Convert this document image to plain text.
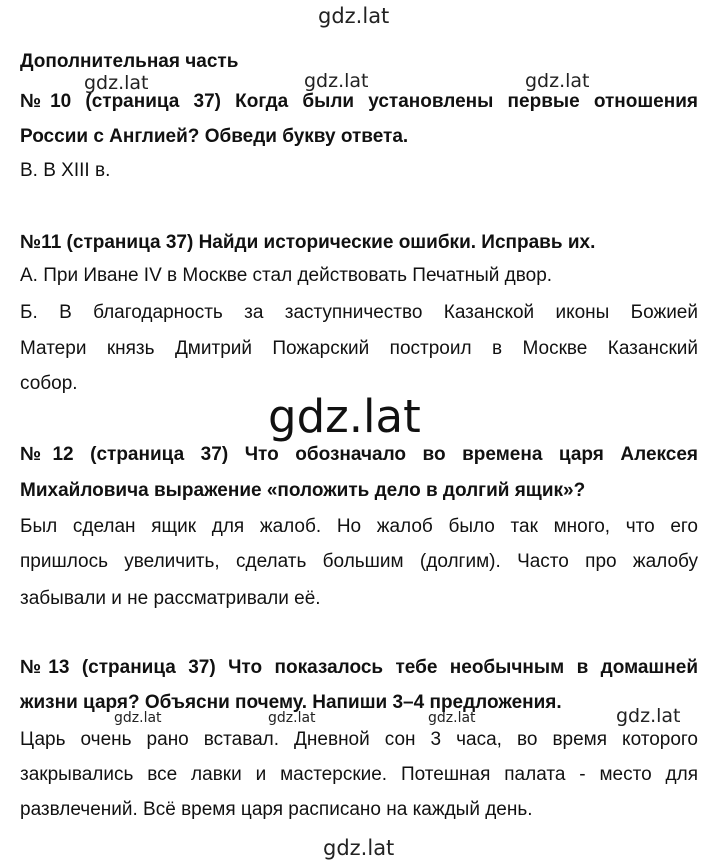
gdz.lat
gdz.lat	gdz.lat	gdz.lat
gdz.lat
gdz.lat	gdz.lat	gdz.lat	gdz.lat
gdz.lat
Дополнительная часть
№10 (страница 37) Когда были установлены первые отношения
России с Англией? Обведи букву ответа.
В. В XIII в.
№11 (страница 37) Найди исторические ошибки. Исправь их.
А. При Иване IV в Москве стал действовать Печатный двор.
Б. В благодарность за заступничество Казанской иконы Божией
Матери князь Дмитрий Пожарский построил в Москве Казанский
собор.
№12 (страница 37) Что обозначало во времена царя Алексея
Михайловича выражение «положить дело в долгий ящик»?
Был сделан ящик для жалоб. Но жалоб было так много, что его
пришлось увеличить, сделать большим (долгим). Часто про жалобу
забывали и не рассматривали её.
№13 (страница 37) Что показалось тебе необычным в домашней
жизни царя? Объясни почему. Напиши 3–4 предложения.
Царь очень рано вставал. Дневной сон 3 часа, во время которого
закрывались все лавки и мастерские. Потешная палата - место для
развлечений. Всё время царя расписано на каждый день.
